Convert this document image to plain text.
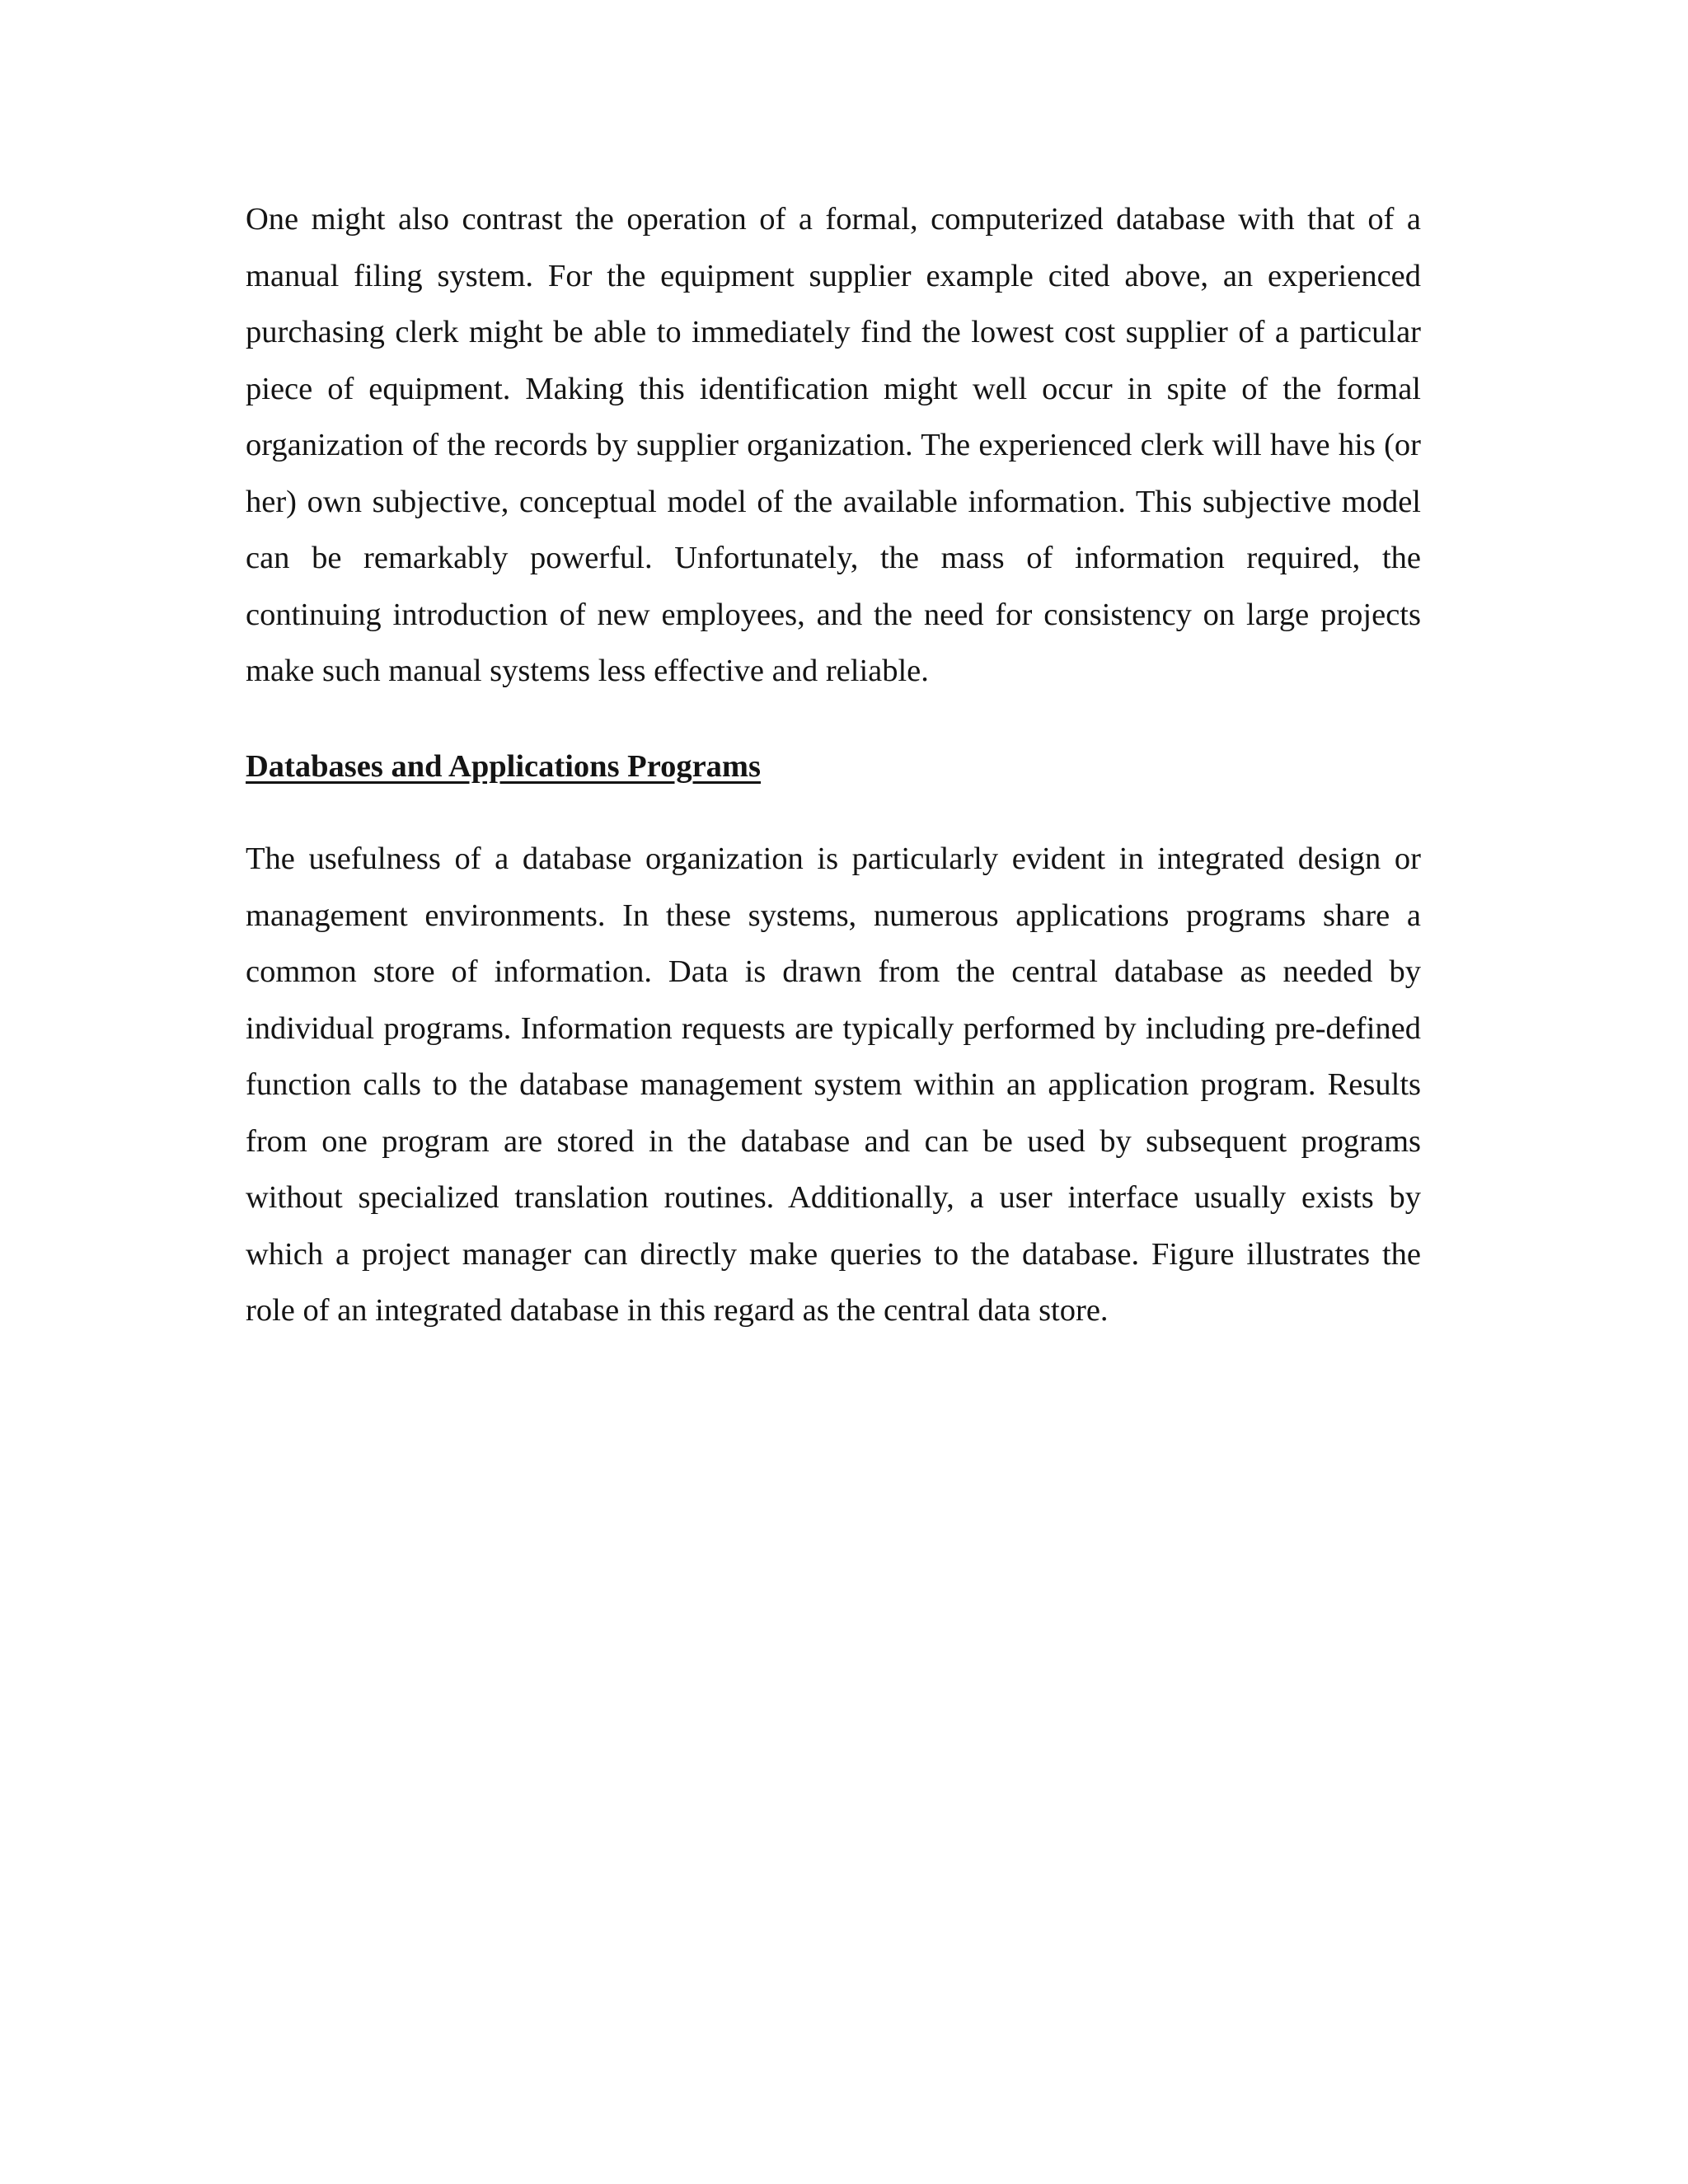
One might also contrast the operation of a formal, computerized database with that of a manual filing system. For the equipment supplier example cited above, an experienced purchasing clerk might be able to immediately find the lowest cost supplier of a particular piece of equipment. Making this identification might well occur in spite of the formal organization of the records by supplier organization. The experienced clerk will have his (or her) own subjective, conceptual model of the available information. This subjective model can be remarkably powerful. Unfortunately, the mass of information required, the continuing introduction of new employees, and the need for consistency on large projects make such manual systems less effective and reliable.

Databases and Applications Programs

The usefulness of a database organization is particularly evident in integrated design or management environments. In these systems, numerous applications programs share a common store of information. Data is drawn from the central database as needed by individual programs. Information requests are typically performed by including pre-defined function calls to the database management system within an application program. Results from one program are stored in the database and can be used by subsequent programs without specialized translation routines. Additionally, a user interface usually exists by which a project manager can directly make queries to the database. Figure illustrates the role of an integrated database in this regard as the central data store.
